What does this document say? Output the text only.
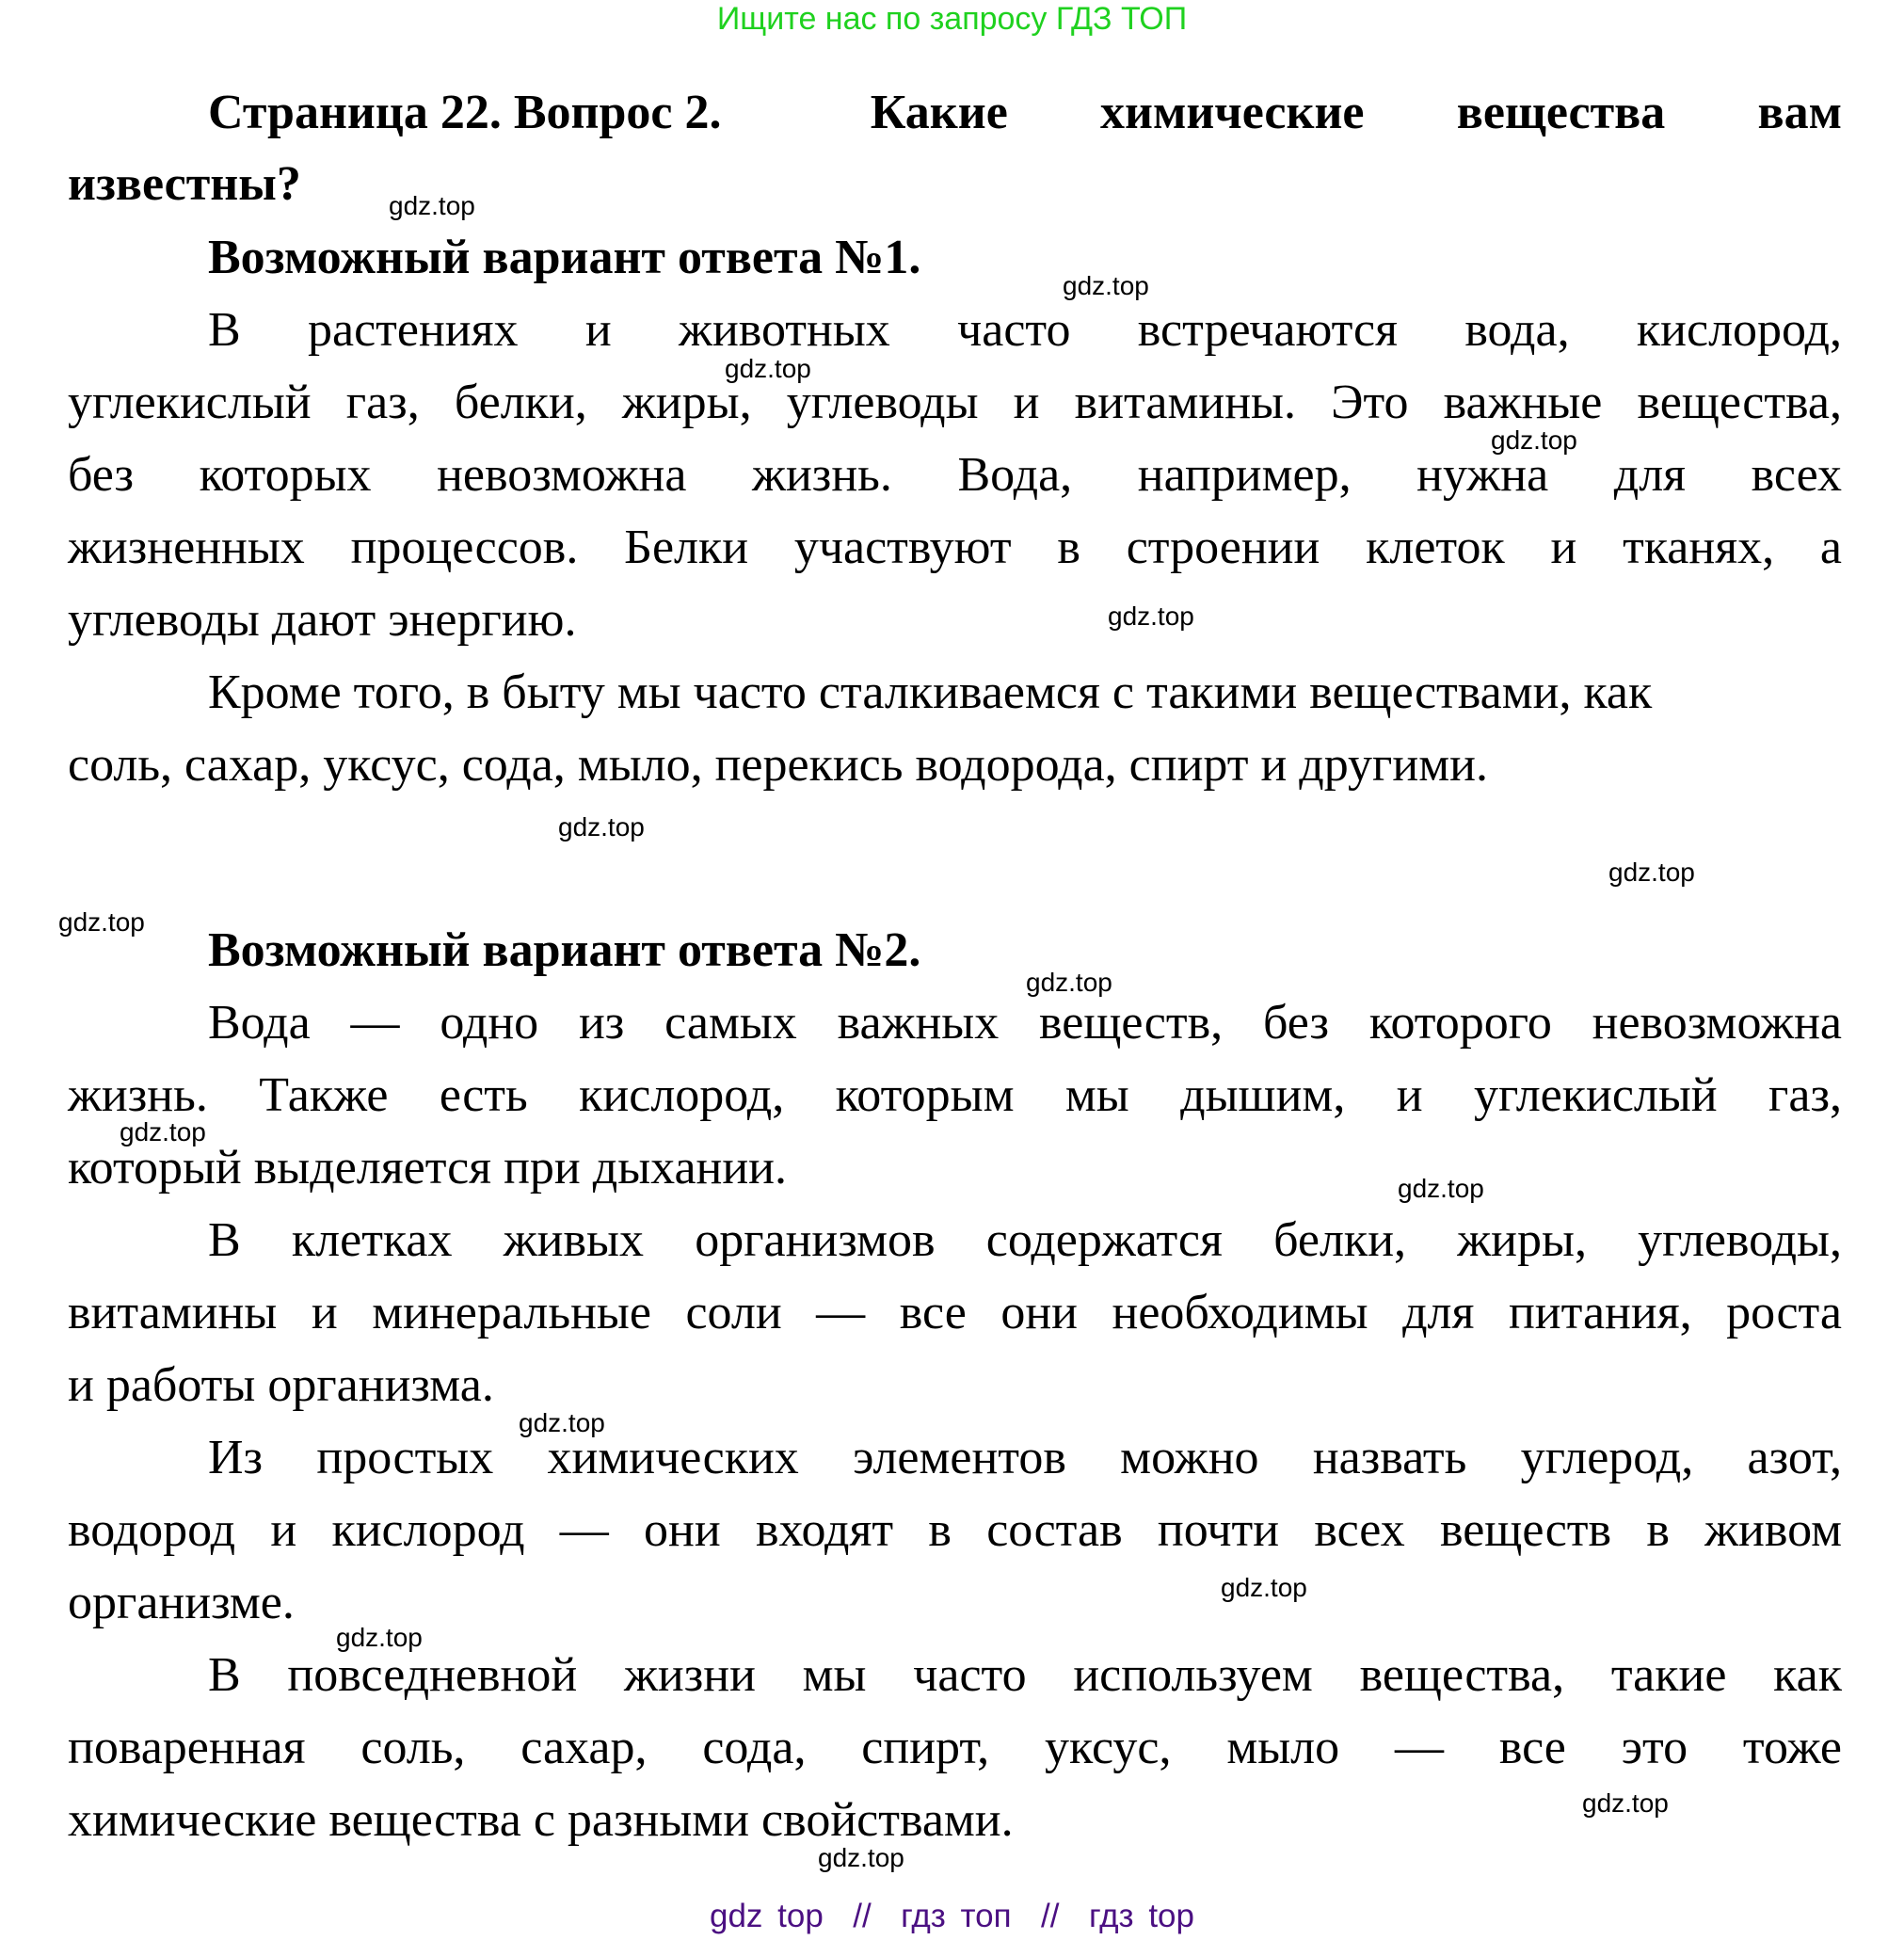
Ищите нас по запросу ГДЗ ТОП
Страница 22. Вопрос 2.	Какие химические вещества вам
известны?
Возможный вариант ответа №1.
В растениях и животных часто встречаются вода, кислород,
углекислый газ, белки, жиры, углеводы и витамины. Это важные вещества,
без которых невозможна жизнь. Вода, например, нужна для всех
жизненных процессов. Белки участвуют в строении клеток и тканях, а
углеводы дают энергию.
Кроме того, в быту мы часто сталкиваемся с такими веществами, как
соль, сахар, уксус, сода, мыло, перекись водорода, спирт и другими.
Возможный вариант ответа №2.
Вода — одно из самых важных веществ, без которого невозможна
жизнь. Также есть кислород, которым мы дышим, и углекислый газ,
который выделяется при дыхании.
В клетках живых организмов содержатся белки, жиры, углеводы,
витамины и минеральные соли — все они необходимы для питания, роста
и работы организма.
Из простых химических элементов можно назвать углерод, азот,
водород и кислород — они входят в состав почти всех веществ в живом
организме.
В повседневной жизни мы часто используем вещества, такие как
поваренная соль, сахар, сода, спирт, уксус, мыло — все это тоже
химические вещества с разными свойствами.
gdz.top
gdz.top
gdz.top
gdz.top
gdz.top
gdz.top
gdz.top
gdz.top
gdz.top
gdz.top
gdz.top
gdz.top
gdz.top
gdz.top
gdz.top
gdz.top
gdz top  //  гдз топ  //  гдз top
